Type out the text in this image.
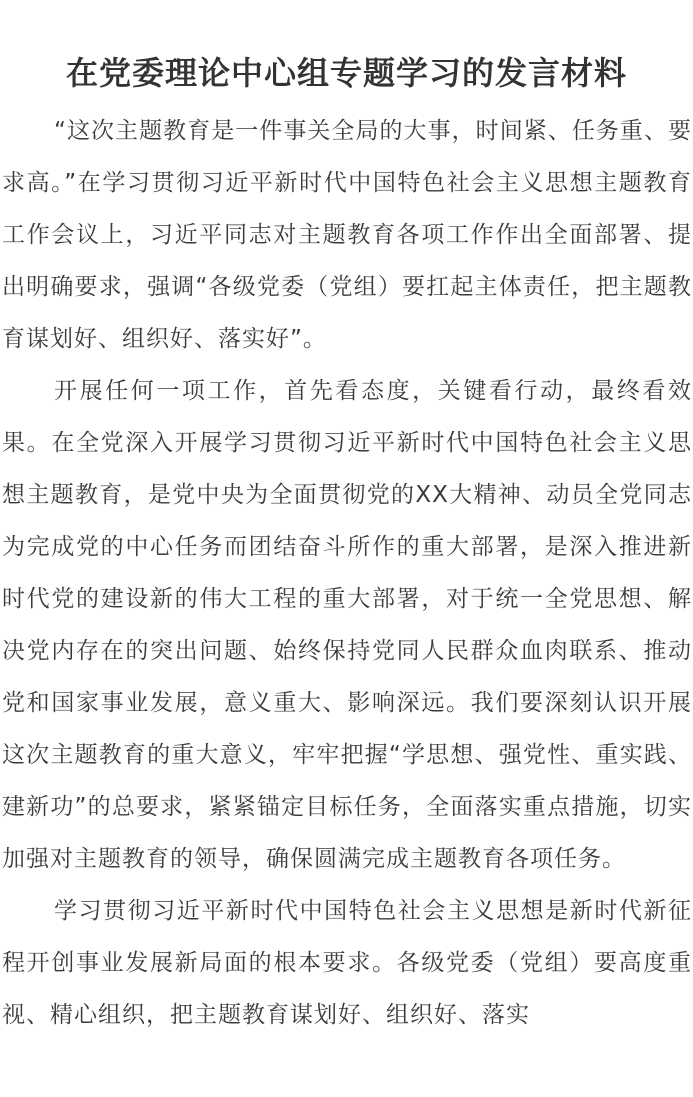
在党委理论中心组专题学习的发言材料

“这次主题教育是一件事关全局的大事，时间紧、任务重、要求高。”在学习贯彻习近平新时代中国特色社会主义思想主题教育工作会议上，习近平同志对主题教育各项工作作出全面部署、提出明确要求，强调“各级党委（党组）要扛起主体责任，把主题教育谋划好、组织好、落实好”。

开展任何一项工作，首先看态度，关键看行动，最终看效果。在全党深入开展学习贯彻习近平新时代中国特色社会主义思想主题教育，是党中央为全面贯彻党的XX大精神、动员全党同志为完成党的中心任务而团结奋斗所作的重大部署，是深入推进新时代党的建设新的伟大工程的重大部署，对于统一全党思想、解决党内存在的突出问题、始终保持党同人民群众血肉联系、推动党和国家事业发展，意义重大、影响深远。我们要深刻认识开展这次主题教育的重大意义，牢牢把握“学思想、强党性、重实践、建新功”的总要求，紧紧锚定目标任务，全面落实重点措施，切实加强对主题教育的领导，确保圆满完成主题教育各项任务。

学习贯彻习近平新时代中国特色社会主义思想是新时代新征程开创事业发展新局面的根本要求。各级党委（党组）要高度重视、精心组织，把主题教育谋划好、组织好、落实
